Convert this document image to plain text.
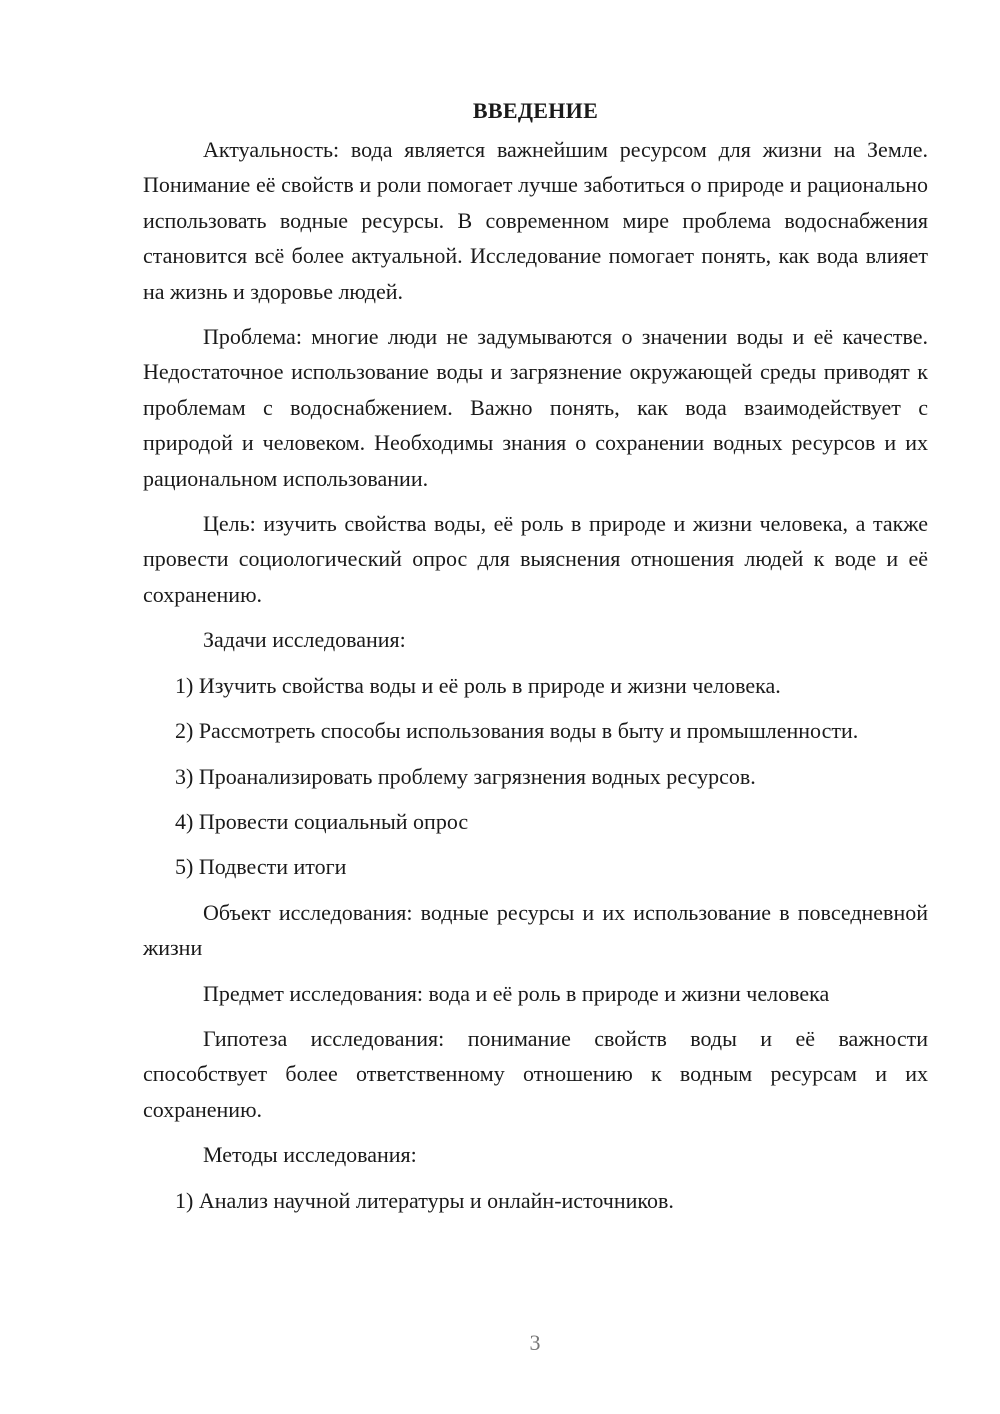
ВВЕДЕНИЕ

Актуальность: вода является важнейшим ресурсом для жизни на Земле. Понимание её свойств и роли помогает лучше заботиться о природе и рационально использовать водные ресурсы. В современном мире проблема водоснабжения становится всё более актуальной. Исследование помогает понять, как вода влияет на жизнь и здоровье людей.

Проблема: многие люди не задумываются о значении воды и её качестве. Недостаточное использование воды и загрязнение окружающей среды приводят к проблемам с водоснабжением. Важно понять, как вода взаимодействует с природой и человеком. Необходимы знания о сохранении водных ресурсов и их рациональном использовании.

Цель: изучить свойства воды, её роль в природе и жизни человека, а также провести социологический опрос для выяснения отношения людей к воде и её сохранению.

Задачи исследования:

1) Изучить свойства воды и её роль в природе и жизни человека.

2) Рассмотреть способы использования воды в быту и промышленности.

3) Проанализировать проблему загрязнения водных ресурсов.

4) Провести социальный опрос

5) Подвести итоги

Объект исследования: водные ресурсы и их использование в повседневной жизни

Предмет исследования: вода и её роль в природе и жизни человека

Гипотеза исследования: понимание свойств воды и её важности способствует более ответственному отношению к водным ресурсам и их сохранению.

Методы исследования:

1) Анализ научной литературы и онлайн-источников.

3
